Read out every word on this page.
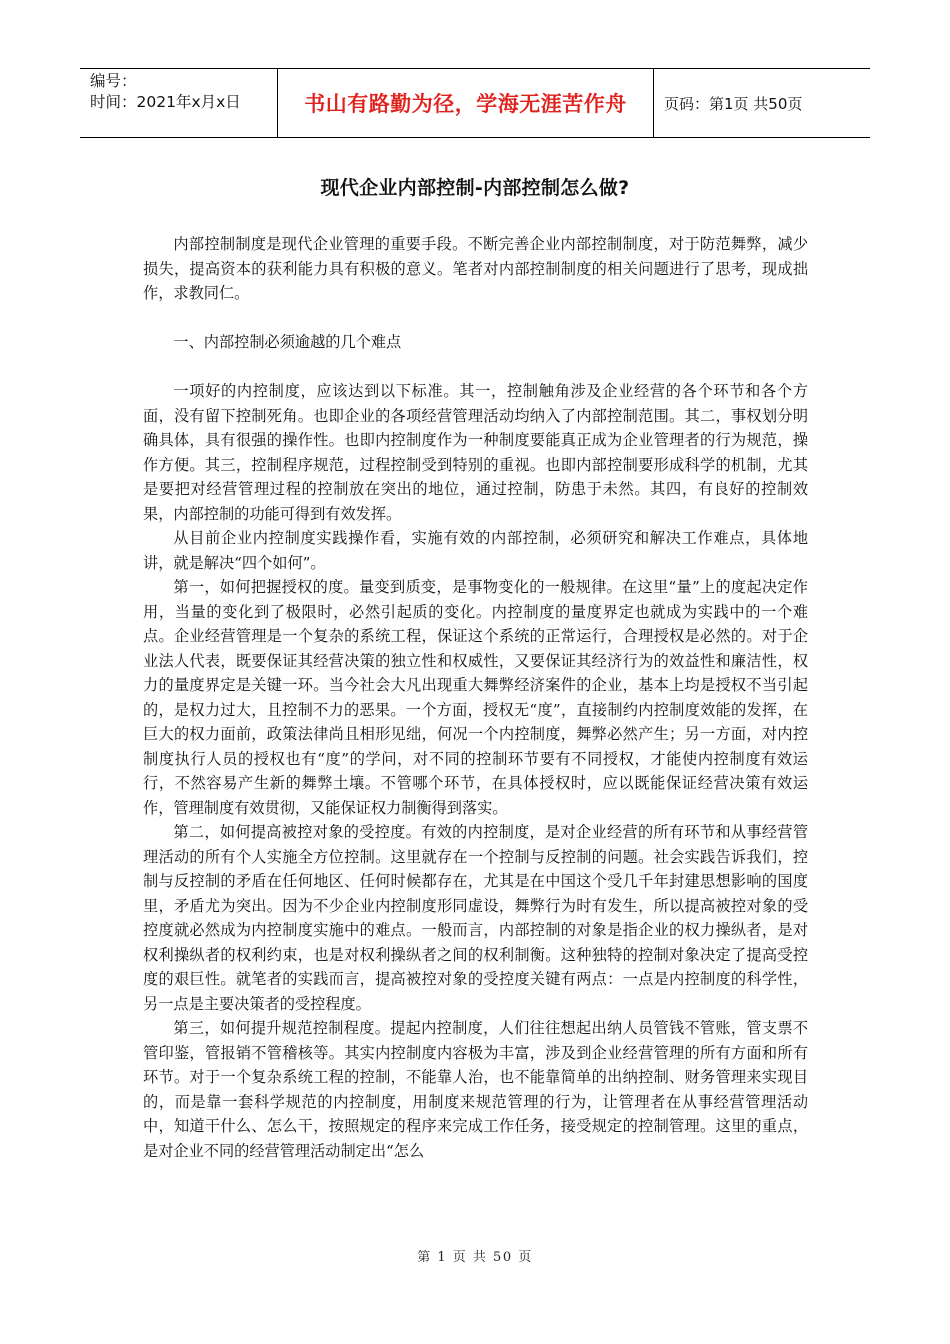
编号：
时间：2021年x月x日	书山有路勤为径，学海无涯苦作舟 页码：第1页 共50页
现代企业内部控制-内部控制怎么做?

内部控制制度是现代企业管理的重要手段。不断完善企业内部控制制度，对于防范舞弊，减少损失，提高资本的获利能力具有积极的意义。笔者对内部控制制度的相关问题进行了思考，现成拙作，求教同仁。

一、内部控制必须逾越的几个难点

一项好的内控制度，应该达到以下标准。其一，控制触角涉及企业经营的各个环节和各个方面，没有留下控制死角。也即企业的各项经营管理活动均纳入了内部控制范围。其二，事权划分明确具体，具有很强的操作性。也即内控制度作为一种制度要能真正成为企业管理者的行为规范，操作方便。其三，控制程序规范，过程控制受到特别的重视。也即内部控制要形成科学的机制，尤其是要把对经营管理过程的控制放在突出的地位，通过控制，防患于未然。其四，有良好的控制效果，内部控制的功能可得到有效发挥。

从目前企业内控制度实践操作看，实施有效的内部控制，必须研究和解决工作难点，具体地讲，就是解决“四个如何”。

第一，如何把握授权的度。量变到质变，是事物变化的一般规律。在这里“量”上的度起决定作用，当量的变化到了极限时，必然引起质的变化。内控制度的量度界定也就成为实践中的一个难点。企业经营管理是一个复杂的系统工程，保证这个系统的正常运行，合理授权是必然的。对于企业法人代表，既要保证其经营决策的独立性和权威性，又要保证其经济行为的效益性和廉洁性，权力的量度界定是关键一环。当今社会大凡出现重大舞弊经济案件的企业，基本上均是授权不当引起的，是权力过大，且控制不力的恶果。一个方面，授权无“度”，直接制约内控制度效能的发挥，在巨大的权力面前，政策法律尚且相形见绌，何况一个内控制度，舞弊必然产生；另一方面，对内控制度执行人员的授权也有“度”的学问，对不同的控制环节要有不同授权，才能使内控制度有效运行，不然容易产生新的舞弊土壤。不管哪个环节，在具体授权时，应以既能保证经营决策有效运作，管理制度有效贯彻，又能保证权力制衡得到落实。

第二，如何提高被控对象的受控度。有效的内控制度，是对企业经营的所有环节和从事经营管理活动的所有个人实施全方位控制。这里就存在一个控制与反控制的问题。社会实践告诉我们，控制与反控制的矛盾在任何地区、任何时候都存在，尤其是在中国这个受几千年封建思想影响的国度里，矛盾尤为突出。因为不少企业内控制度形同虚设，舞弊行为时有发生，所以提高被控对象的受控度就必然成为内控制度实施中的难点。一般而言，内部控制的对象是指企业的权力操纵者，是对权利操纵者的权利约束，也是对权利操纵者之间的权利制衡。这种独特的控制对象决定了提高受控度的艰巨性。就笔者的实践而言，提高被控对象的受控度关键有两点：一点是内控制度的科学性，另一点是主要决策者的受控程度。

第三，如何提升规范控制程度。提起内控制度，人们往往想起出纳人员管钱不管账，管支票不管印鉴，管报销不管稽核等。其实内控制度内容极为丰富，涉及到企业经营管理的所有方面和所有环节。对于一个复杂系统工程的控制，不能靠人治，也不能靠简单的出纳控制、财务管理来实现目的，而是靠一套科学规范的内控制度，用制度来规范管理的行为，让管理者在从事经营管理活动中，知道干什么、怎么干，按照规定的程序来完成工作任务，接受规定的控制管理。这里的重点，是对企业不同的经营管理活动制定出“怎么

第 1 页 共 50 页
